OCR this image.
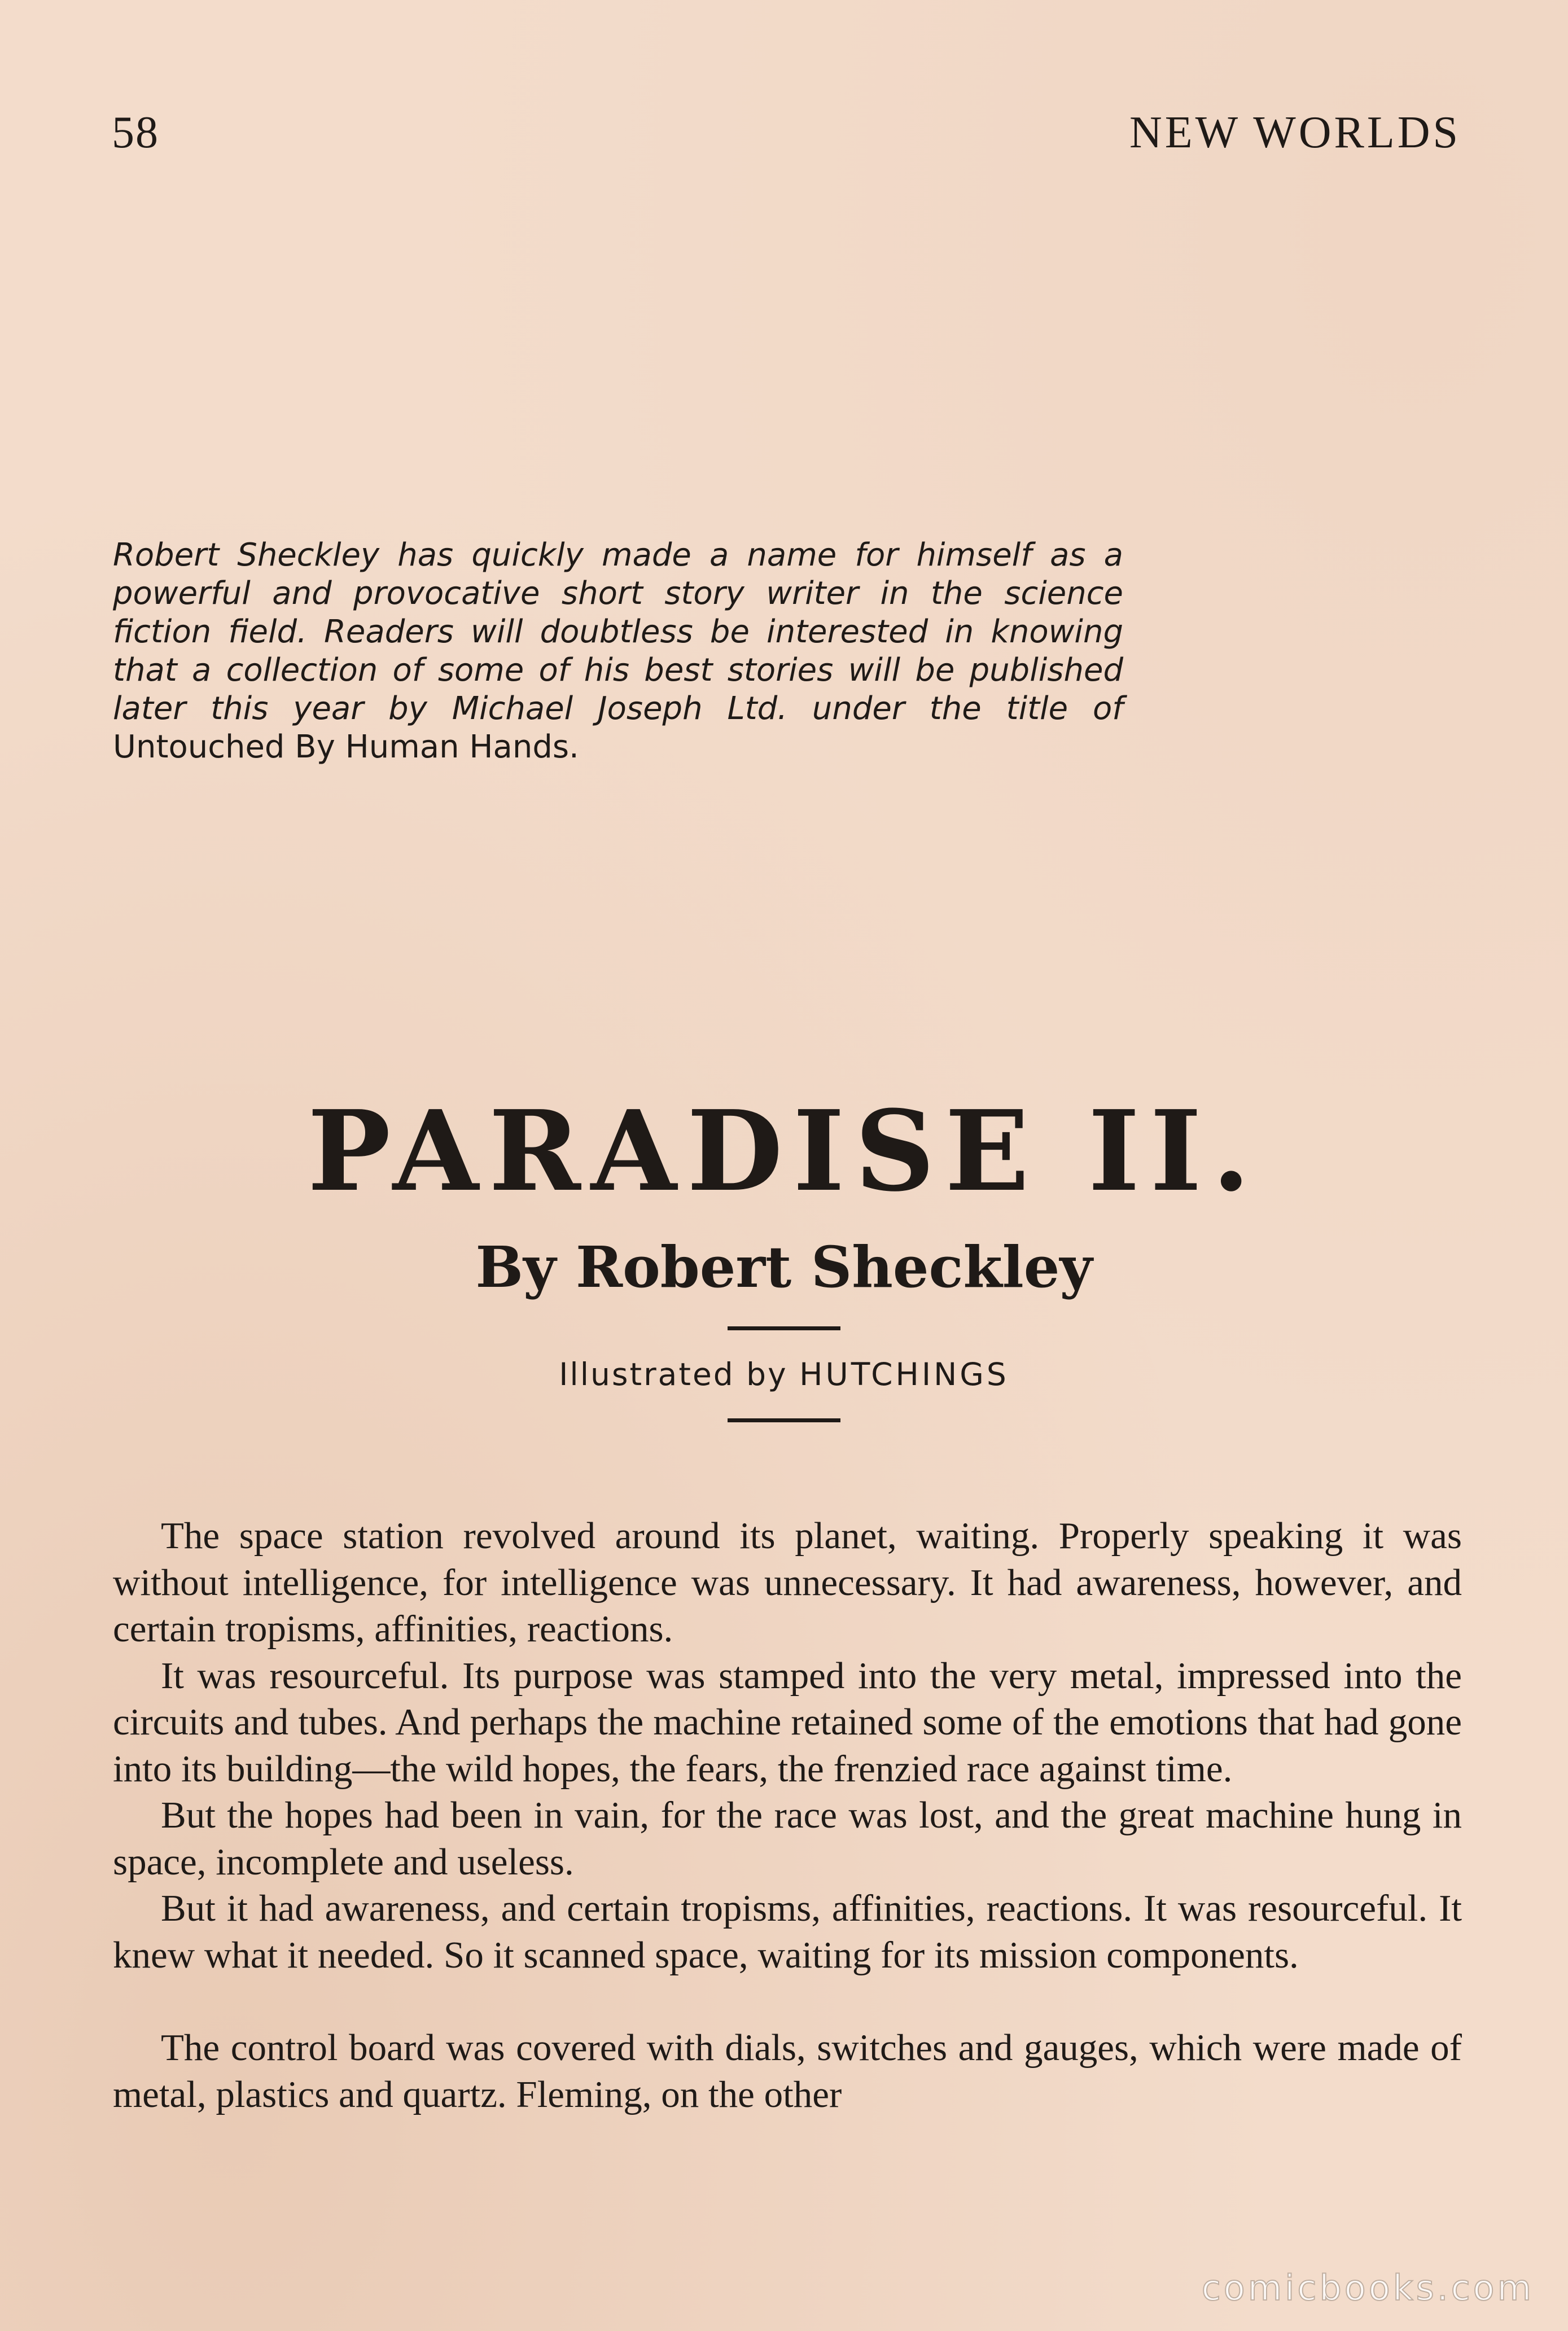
58	NEW WORLDS

Robert Sheckley has quickly made a name for himself as a powerful and provocative short story writer in the science fiction field. Readers will doubtless be interested in knowing that a collection of some of his best stories will be published later this year by Michael Joseph Ltd. under the title of Untouched By Human Hands.

PARADISE II.
By Robert Sheckley

Illustrated by HUTCHINGS

The space station revolved around its planet, waiting. Properly speaking it was without intelligence, for intelligence was unnecessary. It had awareness, however, and certain tropisms, affinities, reactions.

It was resourceful. Its purpose was stamped into the very metal, impressed into the circuits and tubes. And perhaps the machine retained some of the emotions that had gone into its building—the wild hopes, the fears, the frenzied race against time.

But the hopes had been in vain, for the race was lost, and the great machine hung in space, incomplete and useless.

But it had awareness, and certain tropisms, affinities, reactions. It was resourceful. It knew what it needed. So it scanned space, waiting for its mission components.

The control board was covered with dials, switches and gauges, which were made of metal, plastics and quartz. Fleming, on the other

comicbooks.com
